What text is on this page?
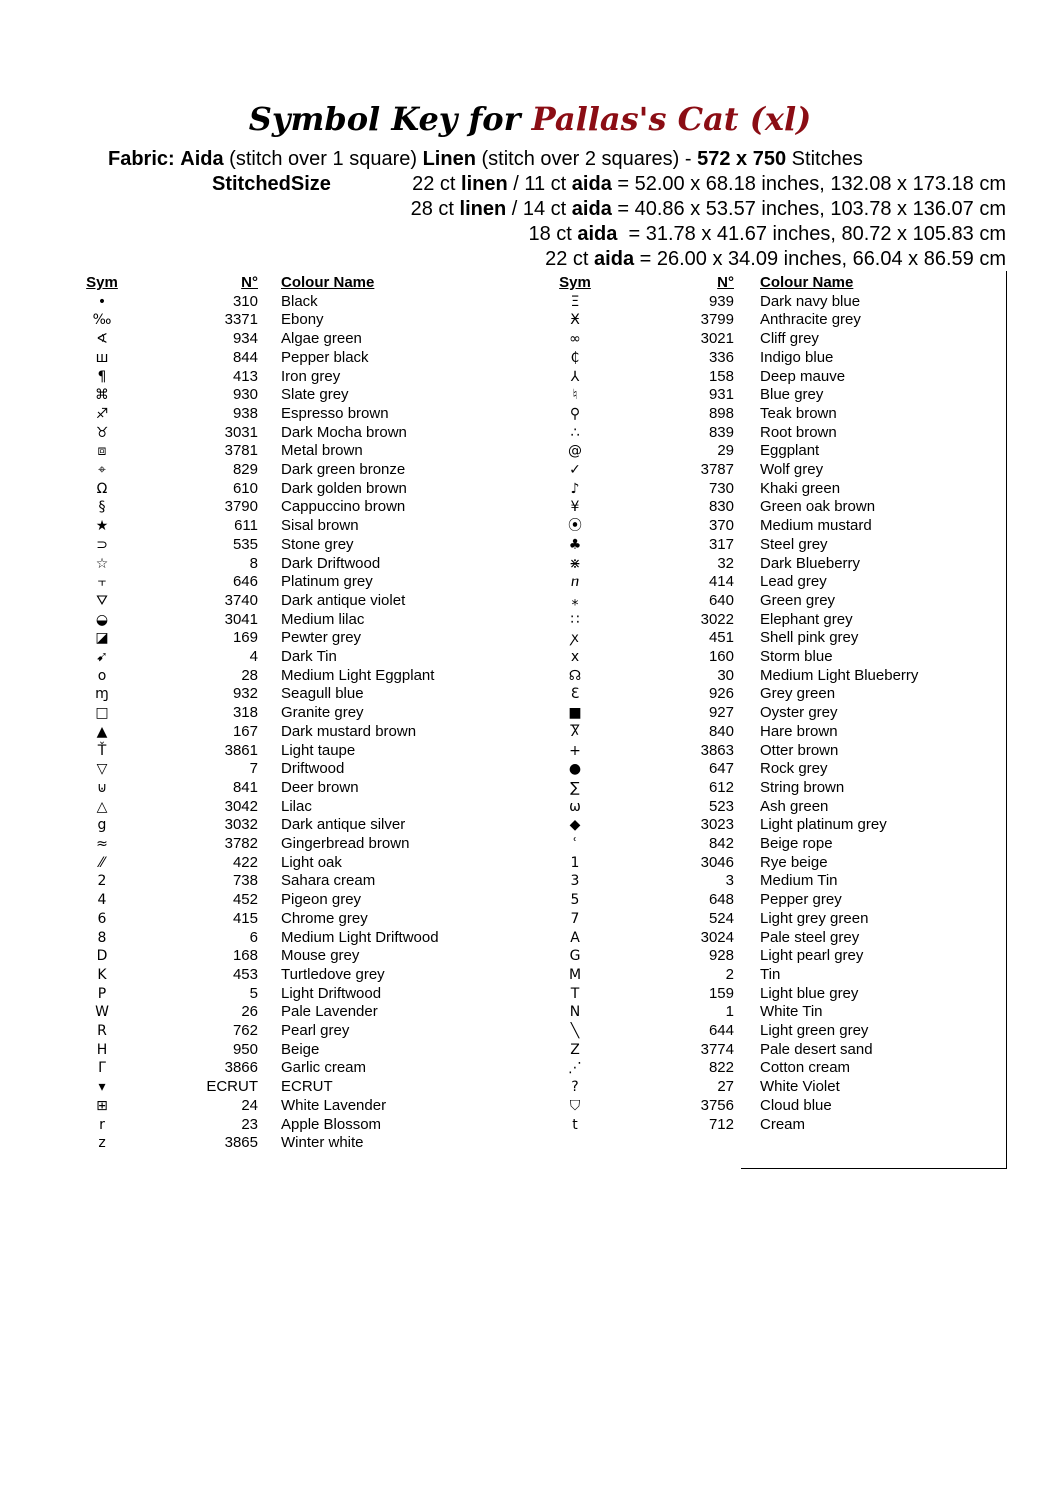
Symbol Key for Pallas's Cat (xl)
Fabric: Aida (stitch over 1 square) Linen (stitch over 2 squares) - 572 x 750 Stitches
StitchedSize	22 ct linen / 11 ct aida = 52.00 x 68.18 inches, 132.08 x 173.18 cm
28 ct linen / 14 ct aida = 40.86 x 53.57 inches, 103.78 x 136.07 cm
18 ct aida  = 31.78 x 41.67 inches, 80.72 x 105.83 cm
22 ct aida = 26.00 x 34.09 inches, 66.04 x 86.59 cm
Sym	N° Colour Name
•	310 Black
‰	3371 Ebony
∢	934 Algae green
ш	844 Pepper black
¶	413 Iron grey
⌘	930 Slate grey
♐	938 Espresso brown
♉	3031 Dark Mocha brown
⧈	3781 Metal brown
⌖	829 Dark green bronze
Ω	610 Dark golden brown
§	3790 Cappuccino brown
★	611 Sisal brown
⊃	535 Stone grey
☆	8 Dark Driftwood
⫟	646 Platinum grey
⛛	3740 Dark antique violet
◒	3041 Medium lilac
◪	169 Pewter grey
➹	4 Dark Tin
o	28 Medium Light Eggplant
ɱ	932 Seagull blue
□	318 Granite grey
▲	167 Dark mustard brown
Ť	3861 Light taupe
▽	7 Driftwood
⊍	841 Deer brown
△	3042 Lilac
g	3032 Dark antique silver
≈	3782 Gingerbread brown
⁄⁄	422 Light oak
2	738 Sahara cream
4	452 Pigeon grey
6	415 Chrome grey
8	6 Medium Light Driftwood
D	168 Mouse grey
K	453 Turtledove grey
P	5 Light Driftwood
W	26 Pale Lavender
R	762 Pearl grey
H	950 Beige
Γ	3866 Garlic cream
▾	ECRUT ECRUT
⊞	24 White Lavender
r	23 Apple Blossom
z	3865 Winter white
Sym	N° Colour Name
Ξ	939 Dark navy blue
Ӿ	3799 Anthracite grey
∞	3021 Cliff grey
₵	336 Indigo blue
⅄	158 Deep mauve
♮	931 Blue grey
⚲	898 Teak brown
∴	839 Root brown
@	29 Eggplant
✓	3787 Wolf grey
♪	730 Khaki green
¥	830 Green oak brown
⦿	370 Medium mustard
♣	317 Steel grey
⋇	32 Dark Blueberry
ⴖ	414 Lead grey
⁎	640 Green grey
∷	3022 Elephant grey
ꭗ	451 Shell pink grey
x	160 Storm blue
☊	30 Medium Light Blueberry
Ɛ	926 Grey green
■	927 Oyster grey
Ⴟ	840 Hare brown
+	3863 Otter brown
●	647 Rock grey
∑	612 String brown
ω	523 Ash green
◆	3023 Light platinum grey
ʿ	842 Beige rope
1	3046 Rye beige
3	3 Medium Tin
5	648 Pepper grey
7	524 Light grey green
A	3024 Pale steel grey
G	928 Light pearl grey
M	2 Tin
T	159 Light blue grey
N	1 White Tin
╲	644 Light green grey
Z	3774 Pale desert sand
⋰	822 Cotton cream
?	27 White Violet
⛉	3756 Cloud blue
t	712 Cream
